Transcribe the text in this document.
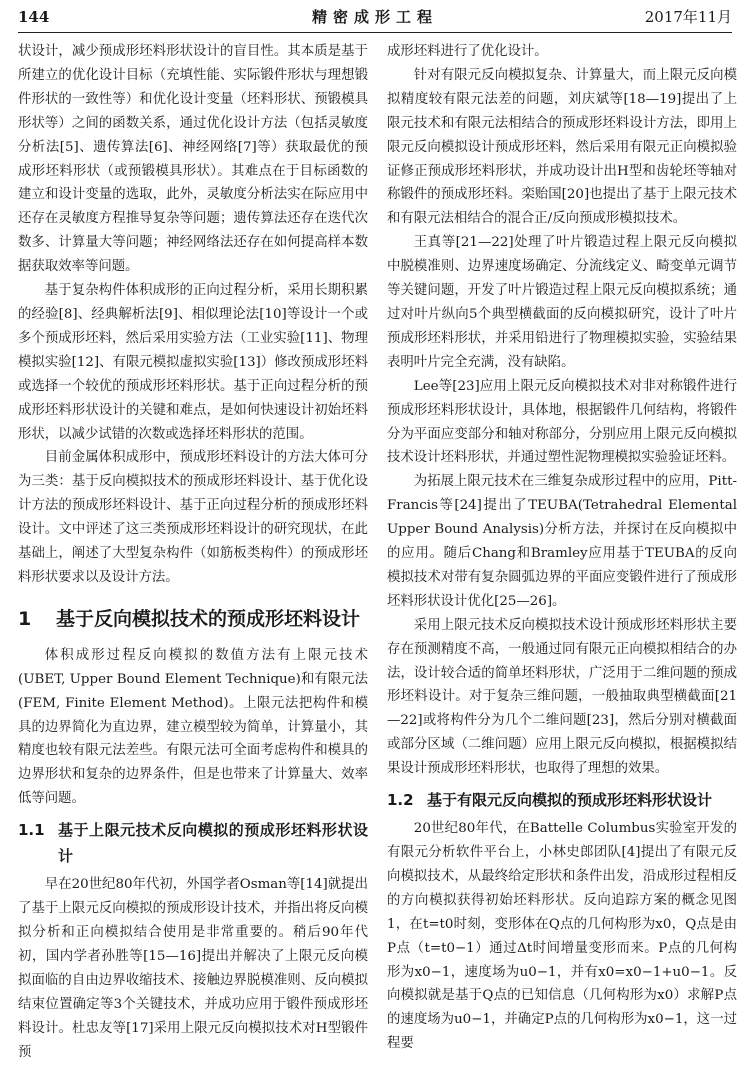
144	精密成形工程	2017年11月

状设计，减少预成形坯料形状设计的盲目性。其本质是基于所建立的优化设计目标（充填性能、实际锻件形状与理想锻件形状的一致性等）和优化设计变量（坯料形状、预锻模具形状等）之间的函数关系，通过优化设计方法（包括灵敏度分析法[5]、遗传算法[6]、神经网络[7]等）获取最优的预成形坯料形状（或预锻模具形状）。其难点在于目标函数的建立和设计变量的选取，此外，灵敏度分析法实在际应用中还存在灵敏度方程推导复杂等问题；遗传算法还存在迭代次数多、计算量大等问题；神经网络法还存在如何提高样本数据获取效率等问题。

基于复杂构件体积成形的正向过程分析，采用长期积累的经验[8]、经典解析法[9]、相似理论法[10]等设计一个或多个预成形坯料，然后采用实验方法（工业实验[11]、物理模拟实验[12]、有限元模拟虚拟实验[13]）修改预成形坯料或选择一个较优的预成形坯料形状。基于正向过程分析的预成形坯料形状设计的关键和难点，是如何快速设计初始坯料形状，以减少试错的次数或选择坯料形状的范围。

目前金属体积成形中，预成形坯料设计的方法大体可分为三类：基于反向模拟技术的预成形坯料设计、基于优化设计方法的预成形坯料设计、基于正向过程分析的预成形坯料设计。文中评述了这三类预成形坯料设计的研究现状，在此基础上，阐述了大型复杂构件（如筋板类构件）的预成形坯料形状要求以及设计方法。

1	基于反向模拟技术的预成形坯料设计

体积成形过程反向模拟的数值方法有上限元技术(UBET, Upper Bound Element Technique)和有限元法(FEM, Finite Element Method)。上限元法把构件和模具的边界简化为直边界，建立模型较为简单，计算量小，其精度也较有限元法差些。有限元法可全面考虑构件和模具的边界形状和复杂的边界条件，但是也带来了计算量大、效率低等问题。

1.1 基于上限元技术反向模拟的预成形坯料形状设计

早在20世纪80年代初，外国学者Osman等[14]就提出了基于上限元反向模拟的预成形设计技术，并指出将反向模拟分析和正向模拟结合使用是非常重要的。稍后90年代初，国内学者孙胜等[15—16]提出并解决了上限元反向模拟面临的自由边界收缩技术、接触边界脱模准则、反向模拟结束位置确定等3个关键技术，并成功应用于锻件预成形坯料设计。杜忠友等[17]采用上限元反向模拟技术对H型锻件预

成形坯料进行了优化设计。

针对有限元反向模拟复杂、计算量大，而上限元反向模拟精度较有限元法差的问题，刘庆斌等[18—19]提出了上限元技术和有限元法相结合的预成形坯料设计方法，即用上限元反向模拟设计预成形坯料，然后采用有限元正向模拟验证修正预成形坯料形状，并成功设计出H型和齿轮坯等轴对称锻件的预成形坯料。栾贻国[20]也提出了基于上限元技术和有限元法相结合的混合正/反向预成形模拟技术。

王真等[21—22]处理了叶片锻造过程上限元反向模拟中脱模准则、边界速度场确定、分流线定义、畸变单元调节等关键问题，开发了叶片锻造过程上限元反向模拟系统；通过对叶片纵向5个典型横截面的反向模拟研究，设计了叶片预成形坯料形状，并采用铅进行了物理模拟实验，实验结果表明叶片完全充满，没有缺陷。

Lee等[23]应用上限元反向模拟技术对非对称锻件进行预成形坯料形状设计，具体地，根据锻件几何结构，将锻件分为平面应变部分和轴对称部分，分别应用上限元反向模拟技术设计坯料形状，并通过塑性泥物理模拟实验验证坯料。

为拓展上限元技术在三维复杂成形过程中的应用，Pitt-Francis等[24]提出了TEUBA(Tetrahedral Elemental Upper Bound Analysis)分析方法，并探讨在反向模拟中的应用。随后Chang和Bramley应用基于TEUBA的反向模拟技术对带有复杂圆弧边界的平面应变锻件进行了预成形坯料形状设计优化[25—26]。

采用上限元技术反向模拟技术设计预成形坯料形状主要存在预测精度不高，一般通过同有限元正向模拟相结合的办法，设计较合适的简单坯料形状，广泛用于二维问题的预成形坯料设计。对于复杂三维问题，一般抽取典型横截面[21—22]或将构件分为几个二维问题[23]，然后分别对横截面或部分区域（二维问题）应用上限元反向模拟，根据模拟结果设计预成形坯料形状，也取得了理想的效果。

1.2 基于有限元反向模拟的预成形坯料形状设计

20世纪80年代，在Battelle Columbus实验室开发的有限元分析软件平台上，小林史郎团队[4]提出了有限元反向模拟技术，从最终给定形状和条件出发，沿成形过程相反的方向模拟获得初始坯料形状。反向追踪方案的概念见图1，在t=t0时刻，变形体在Q点的几何构形为x0，Q点是由P点（t=t0−1）通过Δt时间增量变形而来。P点的几何构形为x0−1，速度场为u0−1，并有x0=x0−1+u0−1。反向模拟就是基于Q点的已知信息（几何构形为x0）求解P点的速度场为u0−1，并确定P点的几何构形为x0−1，这一过程要
